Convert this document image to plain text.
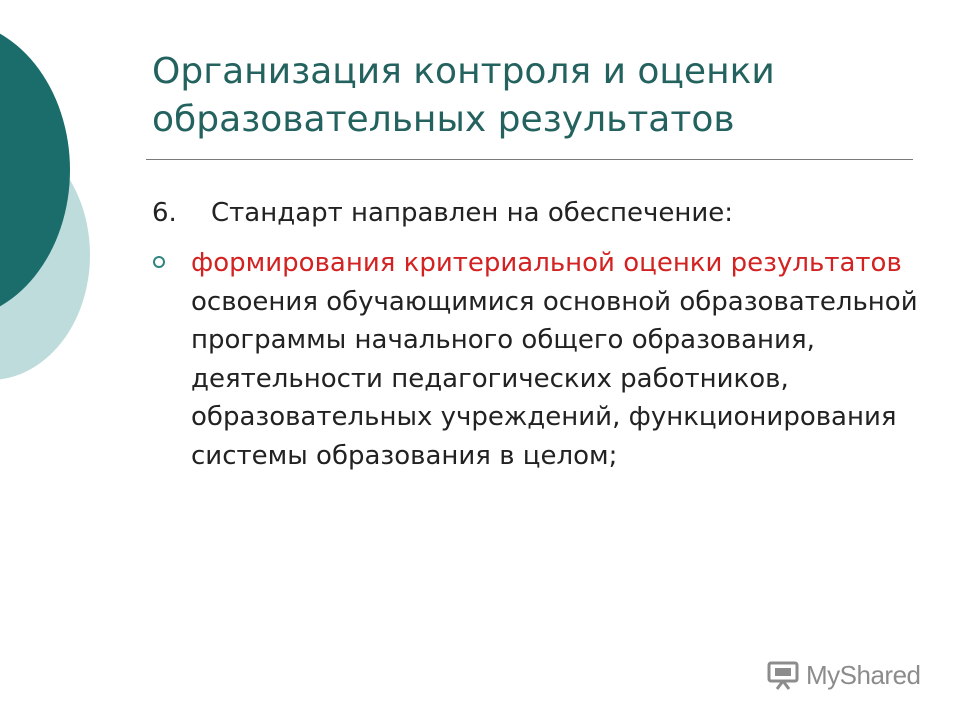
Организация контроля и оценки образовательных результатов
6. Стандарт направлен на обеспечение:
формирования критериальной оценки результатов освоения обучающимися основной образовательной программы начального общего образования, деятельности педагогических работников, образовательных учреждений, функционирования системы образования в целом;
MyShared
